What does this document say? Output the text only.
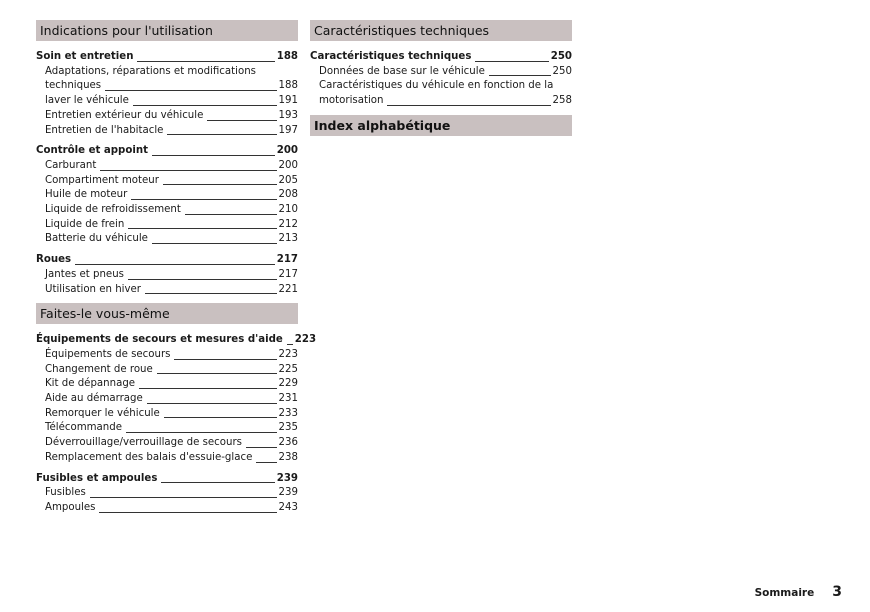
Indications pour l'utilisation
Soin et entretien	188
Adaptations, réparations et modifications
techniques	188
laver le véhicule	191
Entretien extérieur du véhicule	193
Entretien de l'habitacle	197
Contrôle et appoint	200
Carburant	200
Compartiment moteur	205
Huile de moteur	208
Liquide de refroidissement	210
Liquide de frein	212
Batterie du véhicule	213
Roues	217
Jantes et pneus	217
Utilisation en hiver	221
Faites-le vous-même
Équipements de secours et mesures d'aide 223
Équipements de secours	223
Changement de roue	225
Kit de dépannage	229
Aide au démarrage	231
Remorquer le véhicule	233
Télécommande	235
Déverrouillage/verrouillage de secours	236
Remplacement des balais d'essuie-glace	238
Fusibles et ampoules	239
Fusibles	239
Ampoules	243
Caractéristiques techniques
Caractéristiques techniques	250
Données de base sur le véhicule	250
Caractéristiques du véhicule en fonction de la
motorisation	258
Index alphabétique
Sommaire 3
